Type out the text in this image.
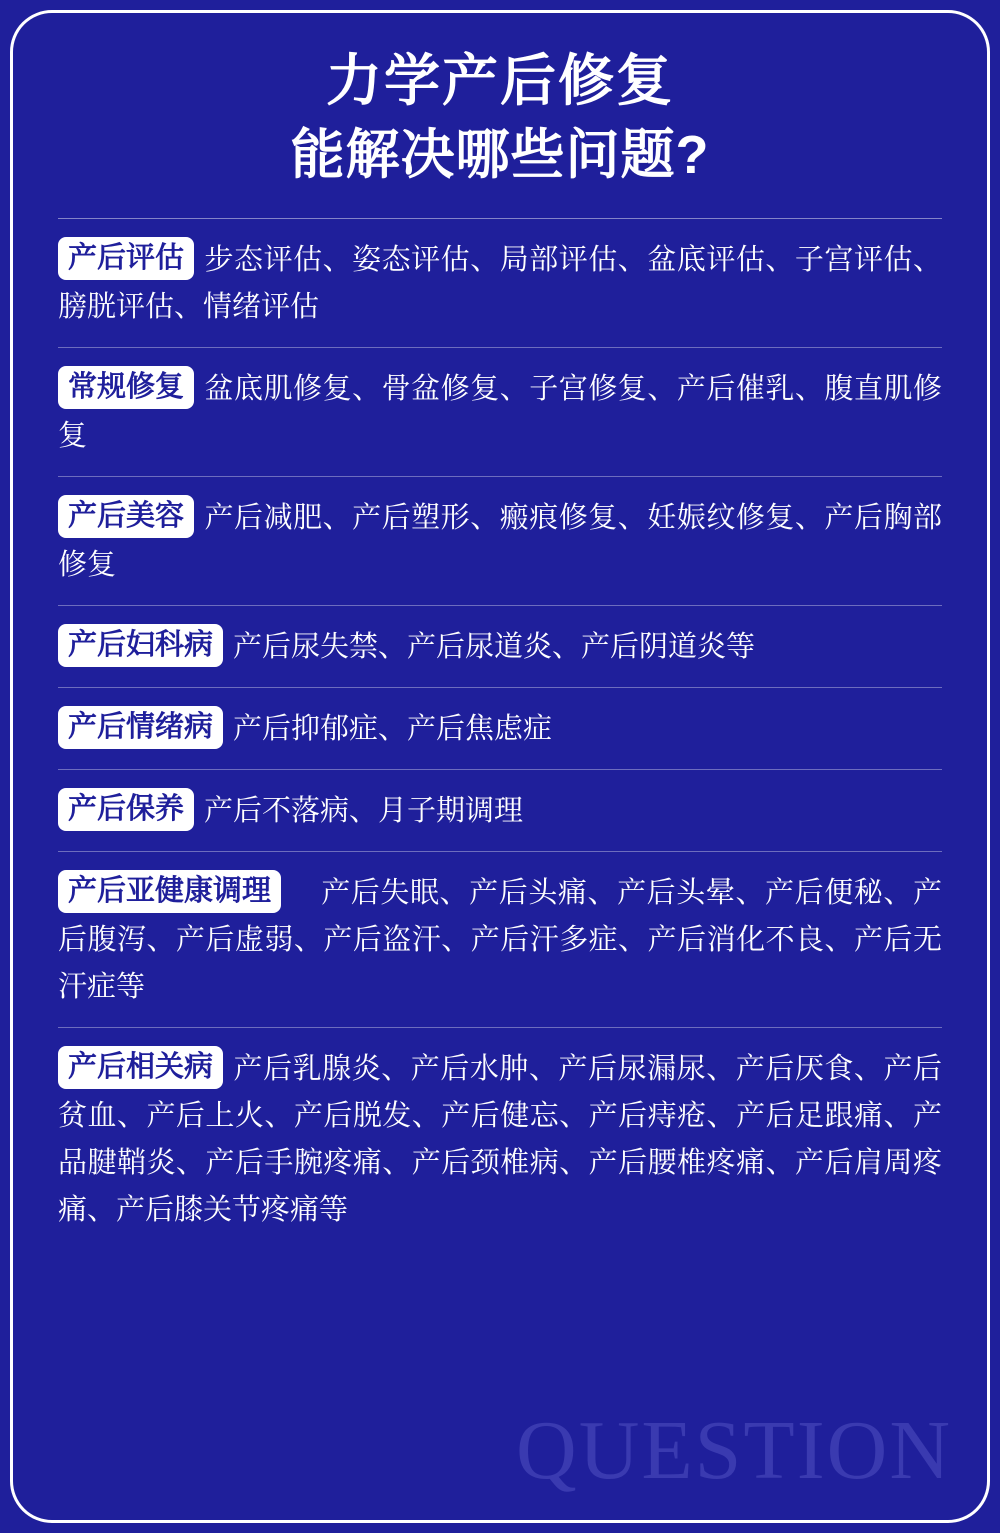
力学产后修复
能解决哪些问题?
产后评估 步态评估、姿态评估、局部评估、盆底评估、子宫评估、膀胱评估、情绪评估
常规修复 盆底肌修复、骨盆修复、子宫修复、产后催乳、腹直肌修复
产后美容 产后减肥、产后塑形、瘢痕修复、妊娠纹修复、产后胸部修复
产后妇科病 产后尿失禁、产后尿道炎、产后阴道炎等
产后情绪病 产后抑郁症、产后焦虑症
产后保养 产后不落病、月子期调理
产后亚健康调理　产后失眠、产后头痛、产后头晕、产后便秘、产后腹泻、产后虚弱、产后盗汗、产后汗多症、产后消化不良、产后无汗症等
产后相关病 产后乳腺炎、产后水肿、产后尿漏尿、产后厌食、产后贫血、产后上火、产后脱发、产后健忘、产后痔疮、产后足跟痛、产品腱鞘炎、产后手腕疼痛、产后颈椎病、产后腰椎疼痛、产后肩周疼痛、产后膝关节疼痛等
QUESTION
